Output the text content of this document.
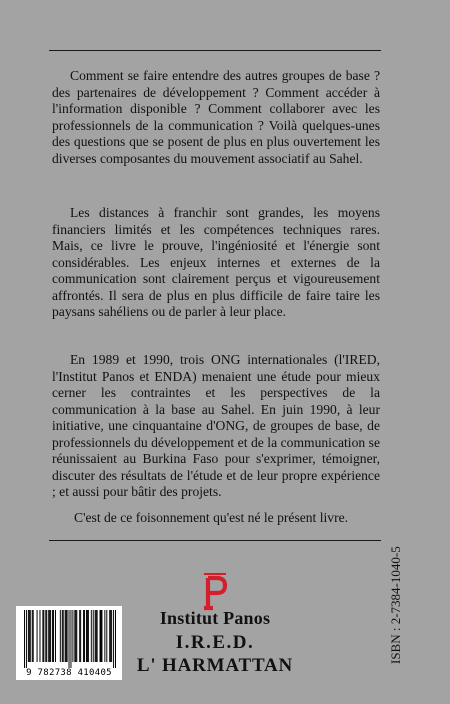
Comment se faire entendre des autres groupes de base ? des partenaires de développement ? Comment accéder à l'information disponible ? Comment collaborer avec les professionnels de la communication ? Voilà quelques-unes des questions que se posent de plus en plus ouvertement les diverses composantes du mouvement associatif au Sahel.

Les distances à franchir sont grandes, les moyens financiers limités et les compétences techniques rares. Mais, ce livre le prouve, l'ingéniosité et l'énergie sont considérables. Les enjeux internes et externes de la communication sont clairement perçus et vigoureusement affrontés. Il sera de plus en plus difficile de faire taire les paysans sahéliens ou de parler à leur place.

En 1989 et 1990, trois ONG internationales (l'IRED, l'Institut Panos et ENDA) menaient une étude pour mieux cerner les contraintes et les perspectives de la communication à la base au Sahel. En juin 1990, à leur initiative, une cinquantaine d'ONG, de groupes de base, de professionnels du développement et de la communication se réunissaient au Burkina Faso pour s'exprimer, témoigner, discuter des résultats de l'étude et de leur propre expérience ; et aussi pour bâtir des projets.

C'est de ce foisonnement qu'est né le présent livre.

Institut Panos
I.R.E.D.
L' HARMATTAN
9 782738 410405
ISBN : 2-7384-1040-5
